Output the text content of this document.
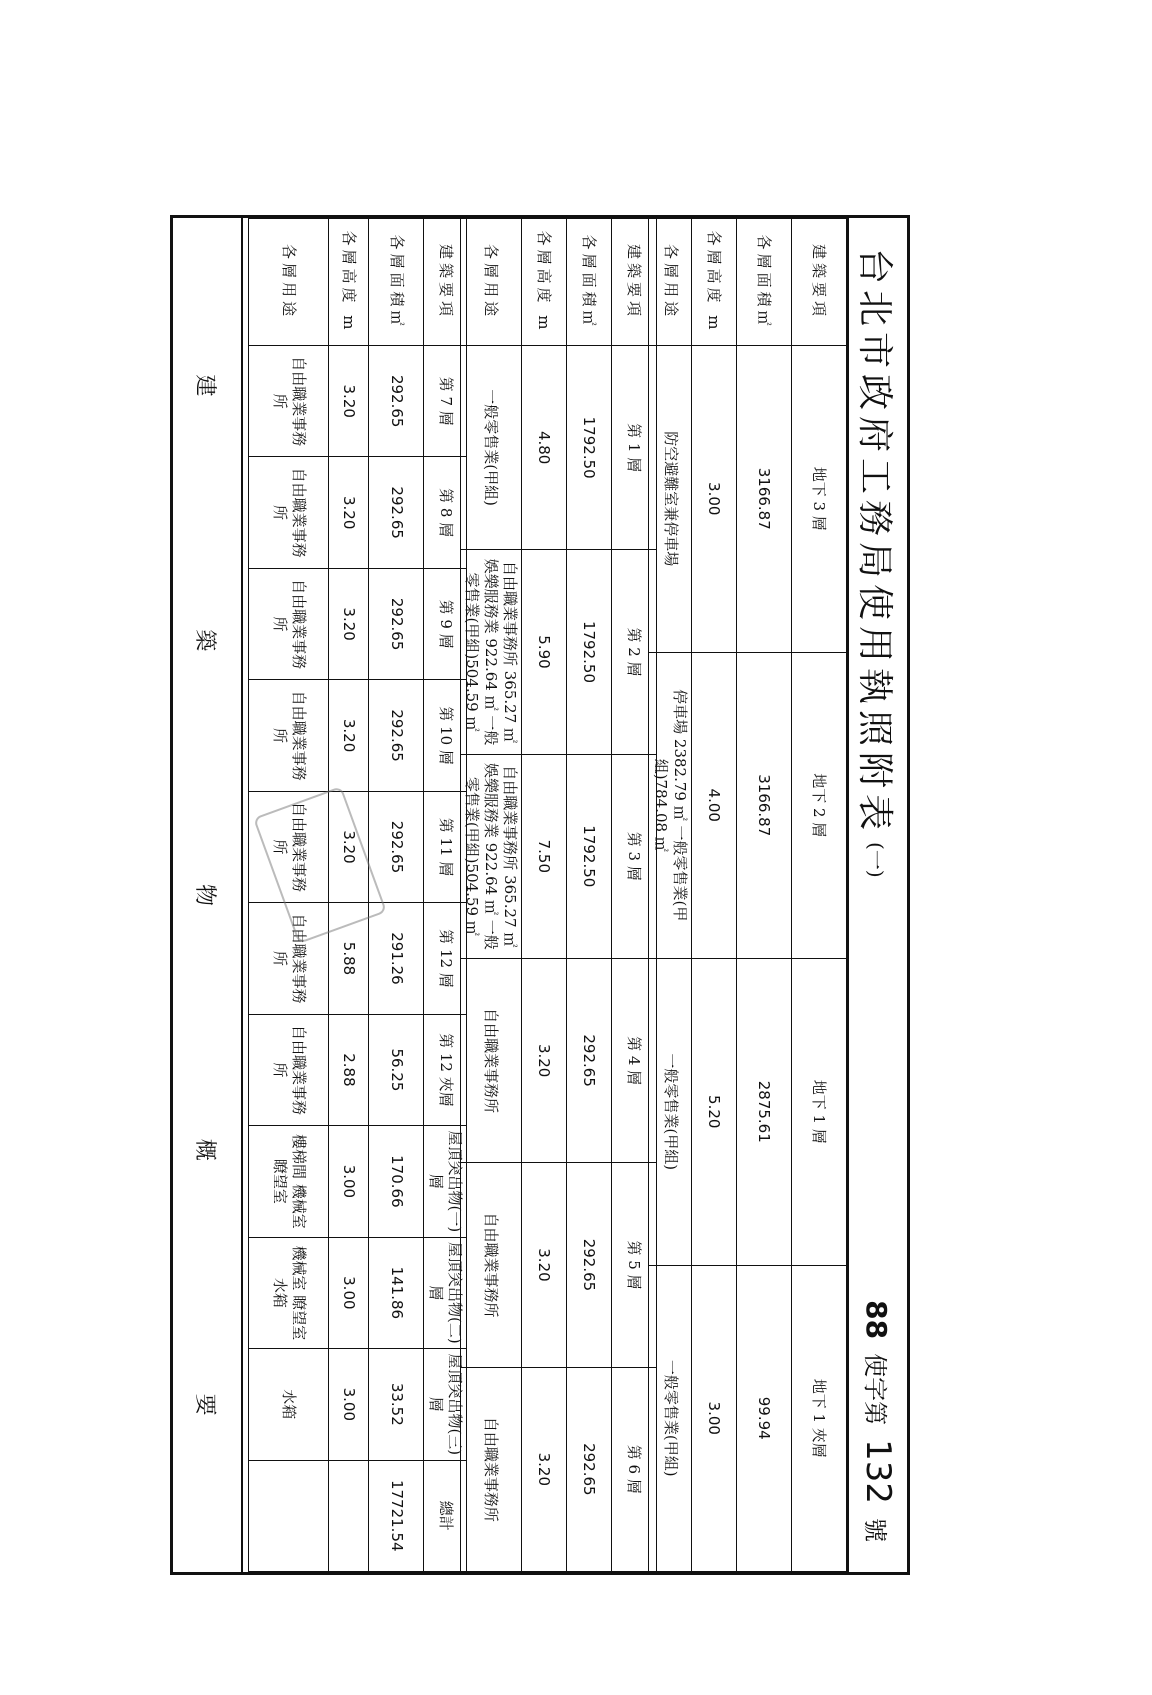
台北市政府工務局使用執照附表
(一)
88
使字第
132
號
建築要項	地下 3 層	地下 2 層	地下 1 層	地下 1 夾層
各層面積㎡	3166.87	3166.87	2875.61	99.94
各層高度 m	3.00	4.00	5.20	3.00
各層用途	防空避難室兼停車場	停車場 2382.79 ㎡ 一般零售業(甲組)784.08 ㎡	一般零售業(甲組)	一般零售業(甲組)
建築要項	第 1 層	第 2 層	第 3 層	第 4 層	第 5 層	第 6 層
各層面積㎡	1792.50	1792.50	1792.50	292.65	292.65	292.65
各層高度 m	4.80	5.90	7.50	3.20	3.20	3.20
各層用途	一般零售業(甲組)	自由職業事務所 365.27 ㎡ 娛樂服務業 922.64 ㎡ 一般零售業(甲組)504.59 ㎡	自由職業事務所 365.27 ㎡ 娛樂服務業 922.64 ㎡ 一般零售業(甲組)504.59 ㎡	自由職業事務所	自由職業事務所	自由職業事務所
建築要項	第 7 層	第 8 層	第 9 層	第 10 層	第 11 層	第 12 層	第 12 夾層	屋頂突出物(一)層	屋頂突出物(二)層	屋頂突出物(三)層	總計
各層面積㎡	292.65	292.65	292.65	292.65	292.65	291.26	56.25	170.66	141.86	33.52	17721.54
各層高度 m	3.20	3.20	3.20	3.20	3.20	5.88	2.88	3.00	3.00	3.00	
各層用途	自由職業事務所	自由職業事務所	自由職業事務所	自由職業事務所	自由職業事務所	自由職業事務所	自由職業事務所	樓梯間 機械室 瞭望室	機械室 瞭望室 水箱	水箱	
建
築
物
概
要
